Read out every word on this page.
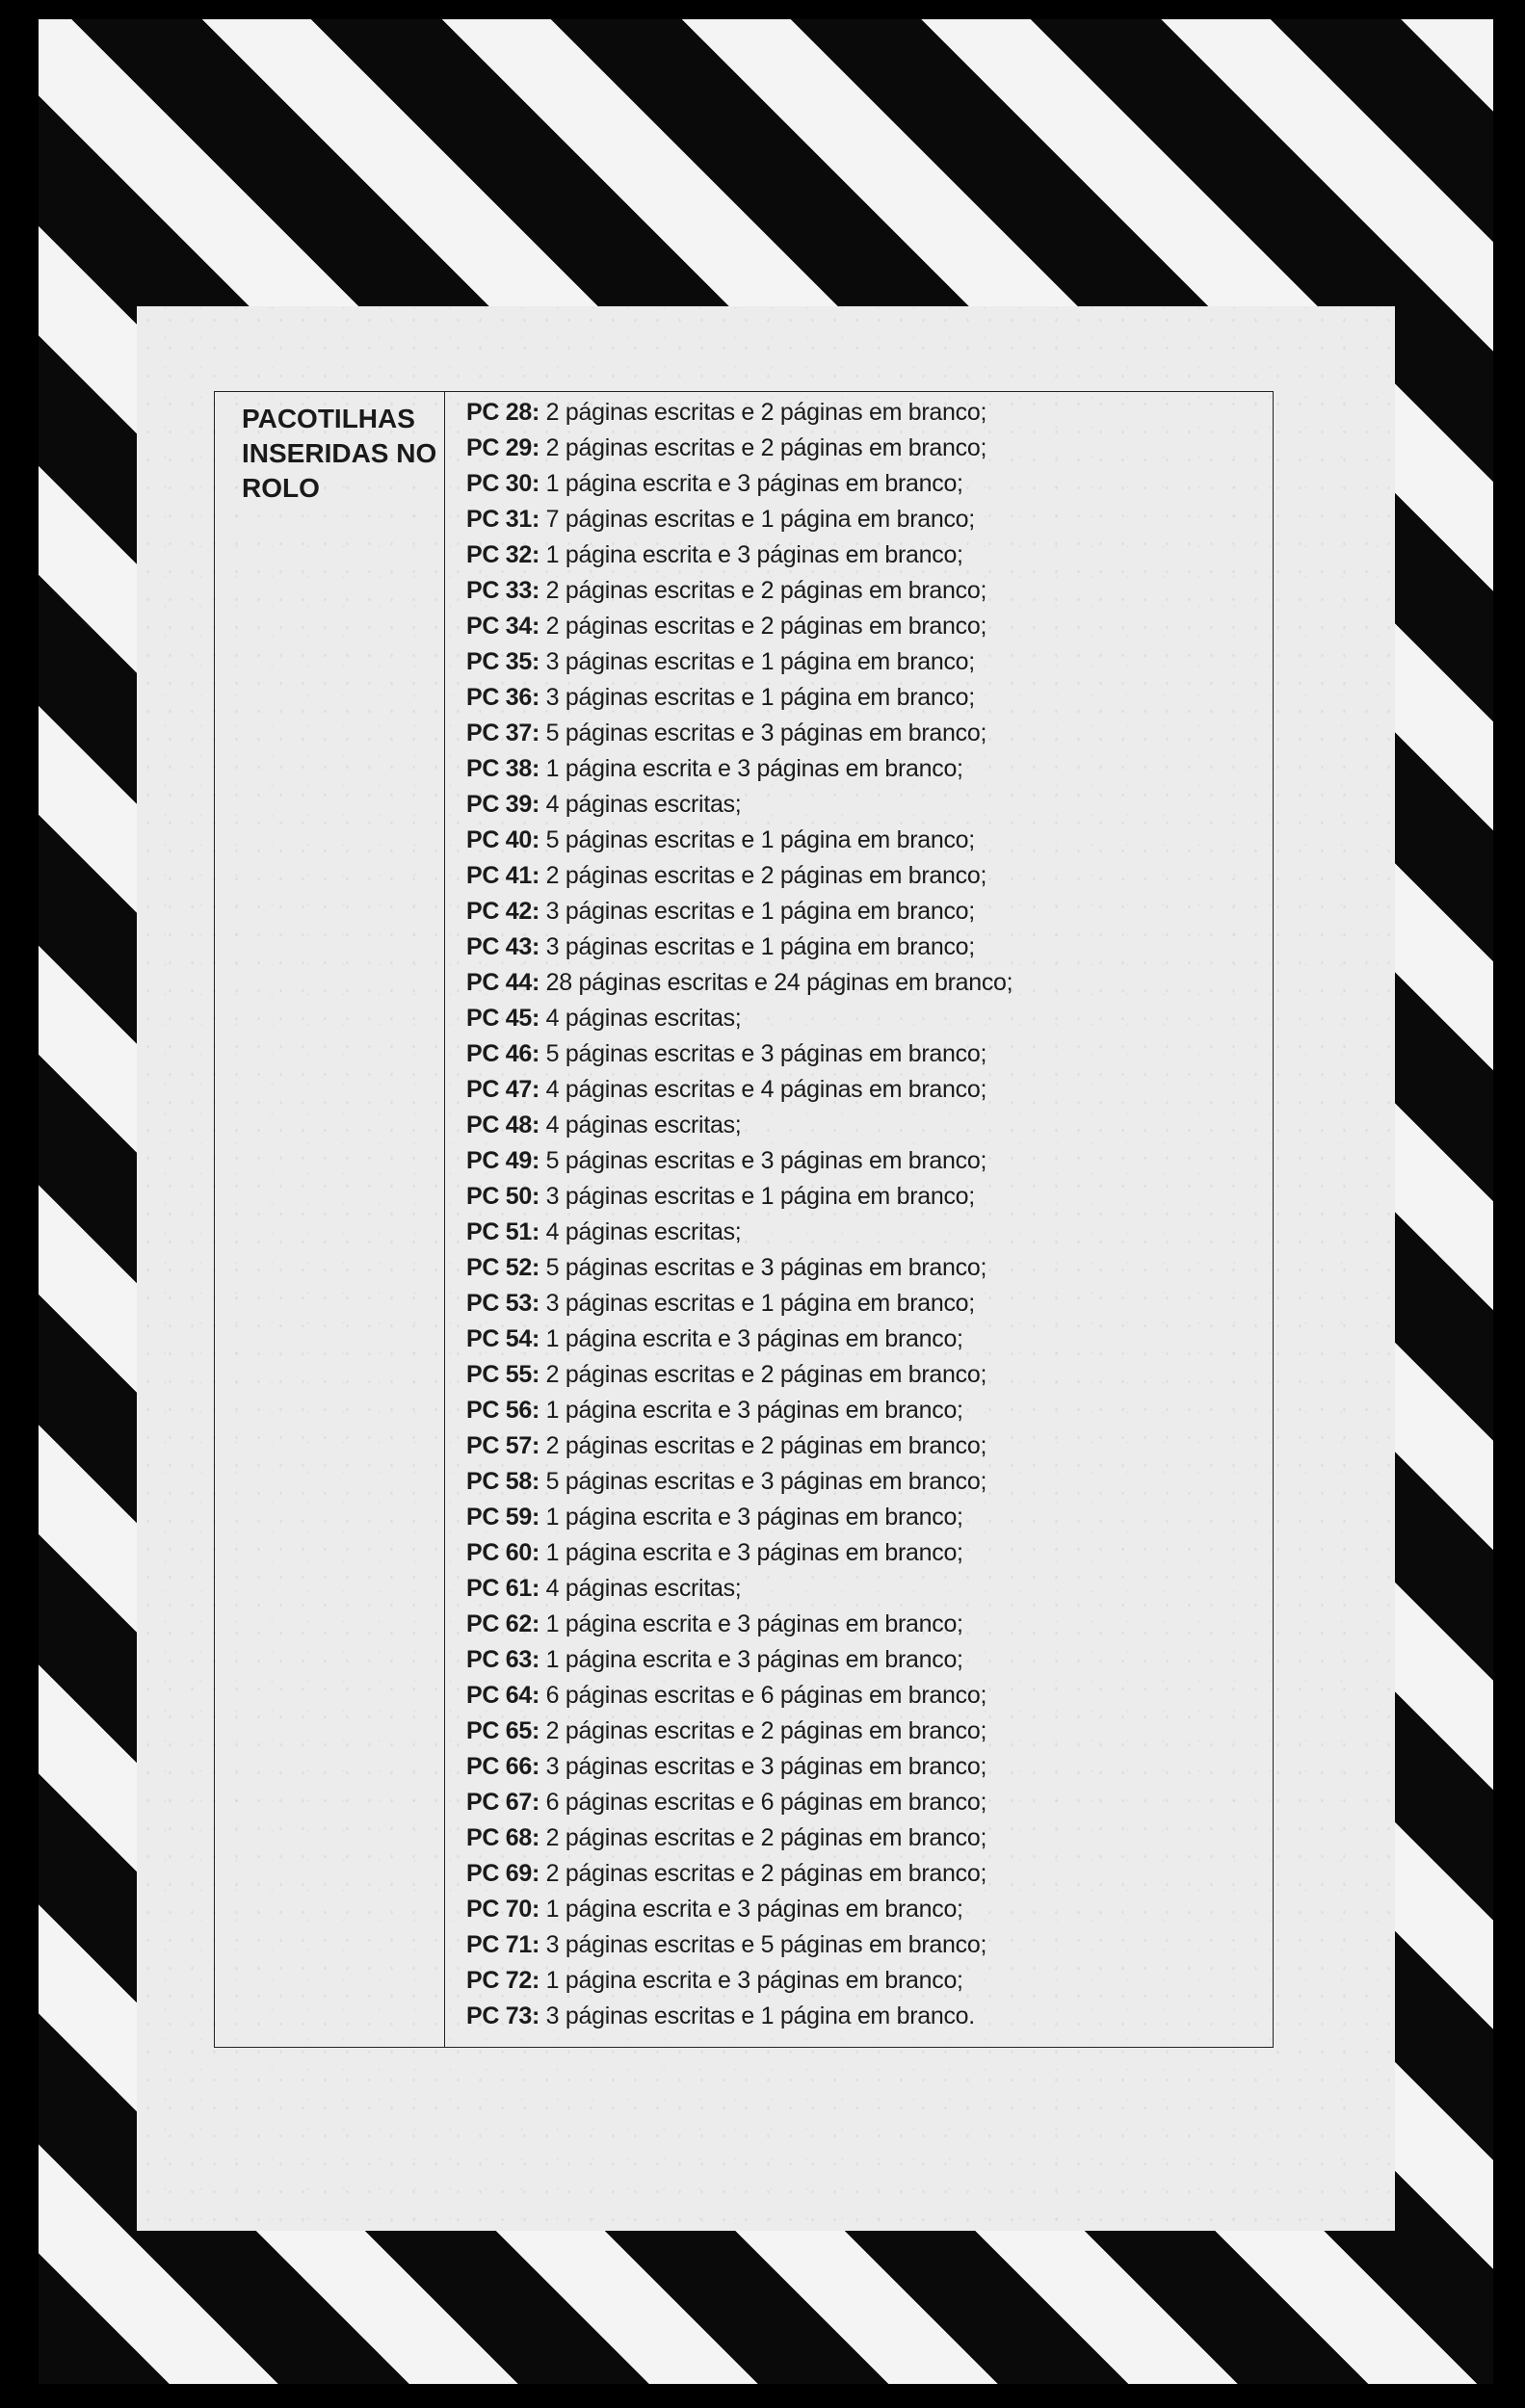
PACOTILHAS
INSERIDAS NO
ROLO

PC 28: 2 páginas escritas e 2 páginas em branco;
PC 29: 2 páginas escritas e 2 páginas em branco;
PC 30: 1 página escrita e 3 páginas em branco;
PC 31: 7 páginas escritas e 1 página em branco;
PC 32: 1 página escrita e 3 páginas em branco;
PC 33: 2 páginas escritas e 2 páginas em branco;
PC 34: 2 páginas escritas e 2 páginas em branco;
PC 35: 3 páginas escritas e 1 página em branco;
PC 36: 3 páginas escritas e 1 página em branco;
PC 37: 5 páginas escritas e 3 páginas em branco;
PC 38: 1 página escrita e 3 páginas em branco;
PC 39: 4 páginas escritas;
PC 40: 5 páginas escritas e 1 página em branco;
PC 41: 2 páginas escritas e 2 páginas em branco;
PC 42: 3 páginas escritas e 1 página em branco;
PC 43: 3 páginas escritas e 1 página em branco;
PC 44: 28 páginas escritas e 24 páginas em branco;
PC 45: 4 páginas escritas;
PC 46: 5 páginas escritas e 3 páginas em branco;
PC 47: 4 páginas escritas e 4 páginas em branco;
PC 48: 4 páginas escritas;
PC 49: 5 páginas escritas e 3 páginas em branco;
PC 50: 3 páginas escritas e 1 página em branco;
PC 51: 4 páginas escritas;
PC 52: 5 páginas escritas e 3 páginas em branco;
PC 53: 3 páginas escritas e 1 página em branco;
PC 54: 1 página escrita e 3 páginas em branco;
PC 55: 2 páginas escritas e 2 páginas em branco;
PC 56: 1 página escrita e 3 páginas em branco;
PC 57: 2 páginas escritas e 2 páginas em branco;
PC 58: 5 páginas escritas e 3 páginas em branco;
PC 59: 1 página escrita e 3 páginas em branco;
PC 60: 1 página escrita e 3 páginas em branco;
PC 61: 4 páginas escritas;
PC 62: 1 página escrita e 3 páginas em branco;
PC 63: 1 página escrita e 3 páginas em branco;
PC 64: 6 páginas escritas e 6 páginas em branco;
PC 65: 2 páginas escritas e 2 páginas em branco;
PC 66: 3 páginas escritas e 3 páginas em branco;
PC 67: 6 páginas escritas e 6 páginas em branco;
PC 68: 2 páginas escritas e 2 páginas em branco;
PC 69: 2 páginas escritas e 2 páginas em branco;
PC 70: 1 página escrita e 3 páginas em branco;
PC 71: 3 páginas escritas e 5 páginas em branco;
PC 72: 1 página escrita e 3 páginas em branco;
PC 73: 3 páginas escritas e 1 página em branco.
